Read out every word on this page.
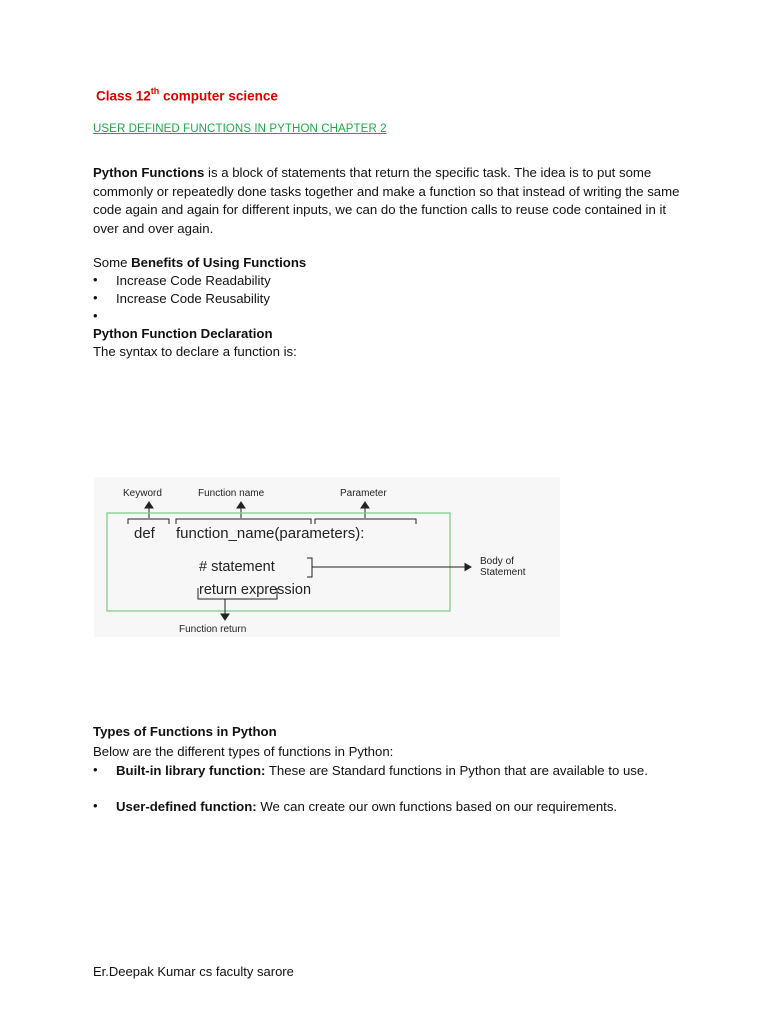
Class 12th computer science
USER DEFINED FUNCTIONS IN PYTHON CHAPTER 2
Python Functions is a block of statements that return the specific task. The idea is to put some commonly or repeatedly done tasks together and make a function so that instead of writing the same code again and again for different inputs, we can do the function calls to reuse code contained in it over and over again.
Some Benefits of Using Functions
• Increase Code Readability
• Increase Code Reusability
•
Python Function Declaration
The syntax to declare a function is:
Keyword	Function name	Parameter
def function_name(parameters):
# statement
return expression
Body of
Statement
Function return
Types of Functions in Python
Below are the different types of functions in Python:
• Built-in library function: These are Standard functions in Python that are available to use.
• User-defined function: We can create our own functions based on our requirements.
Er.Deepak Kumar cs faculty sarore
